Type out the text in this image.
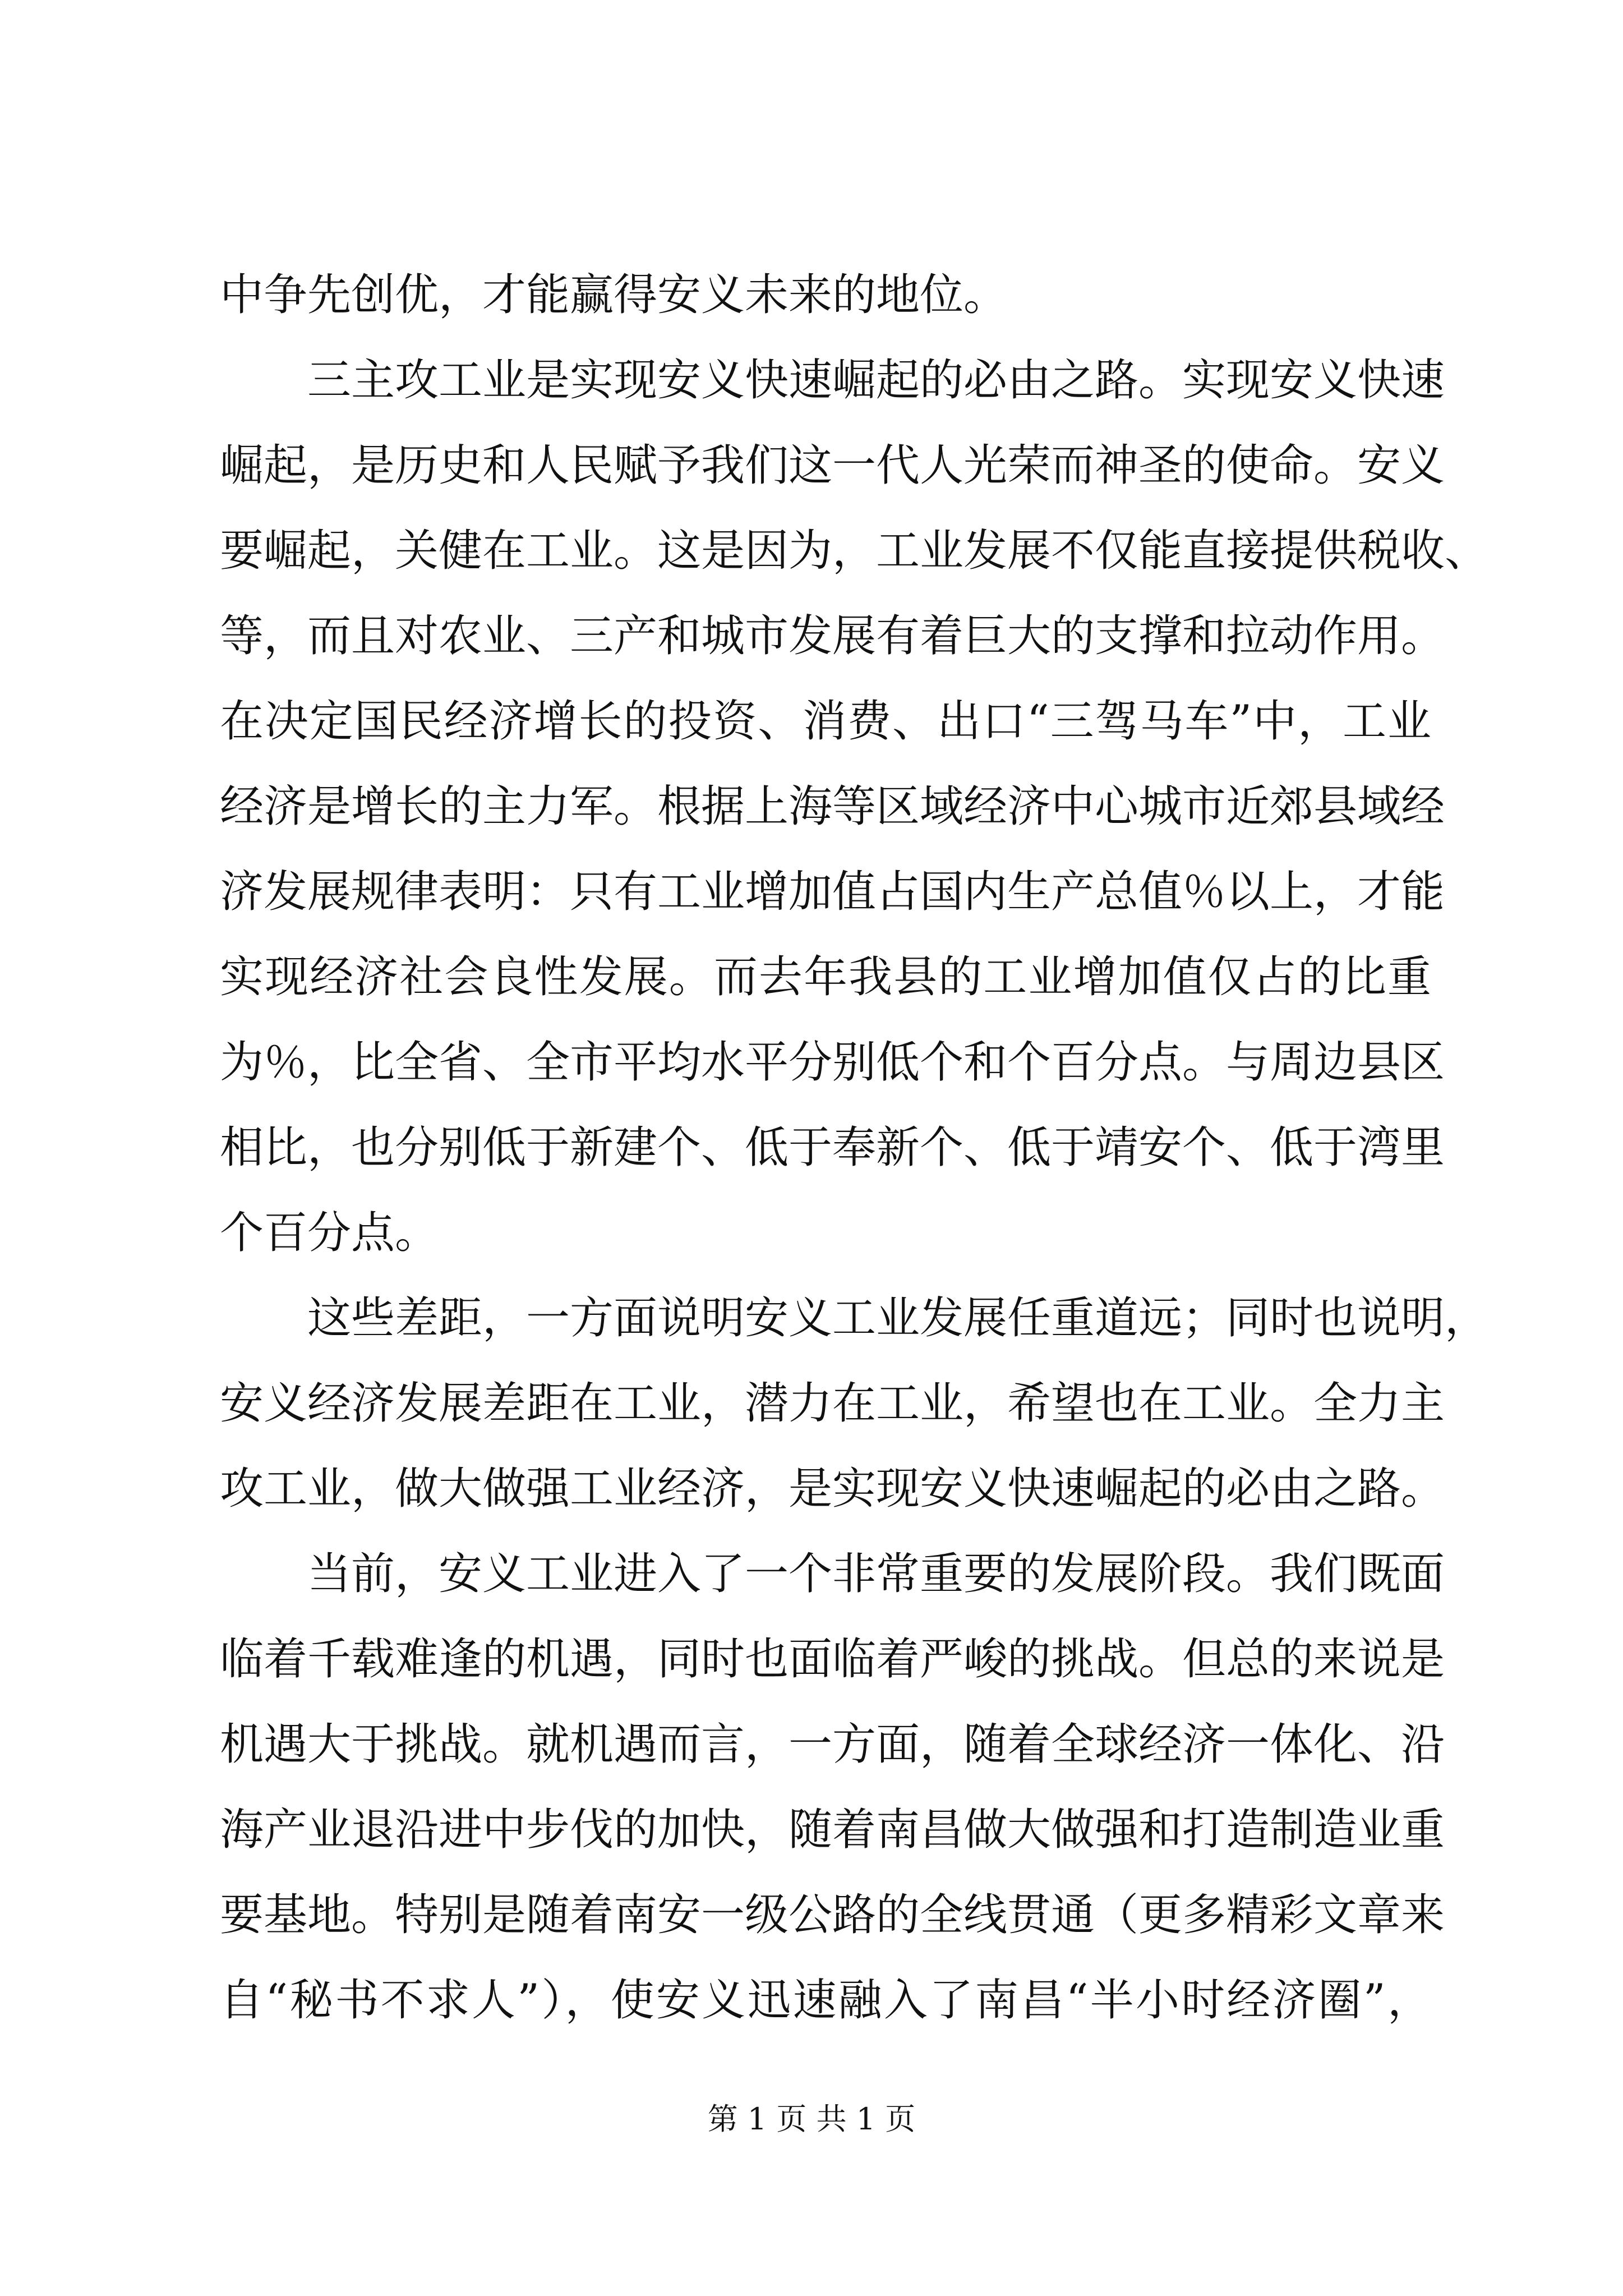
中争先创优，才能赢得安义未来的地位。
三主攻工业是实现安义快速崛起的必由之路。实现安义快速
崛起，是历史和人民赋予我们这一代人光荣而神圣的使命。安义
要崛起，关健在工业。这是因为，工业发展不仅能直接提供税收、
等，而且对农业、三产和城市发展有着巨大的支撑和拉动作用。
在决定国民经济增长的投资、消费、出口“三驾马车”中，工业
经济是增长的主力军。根据上海等区域经济中心城市近郊县域经
济发展规律表明：只有工业增加值占国内生产总值％以上，才能
实现经济社会良性发展。而去年我县的工业增加值仅占的比重
为％，比全省、全市平均水平分别低个和个百分点。与周边县区
相比，也分别低于新建个、低于奉新个、低于靖安个、低于湾里
个百分点。
这些差距，一方面说明安义工业发展任重道远；同时也说明，
安义经济发展差距在工业，潜力在工业，希望也在工业。全力主
攻工业，做大做强工业经济，是实现安义快速崛起的必由之路。
当前，安义工业进入了一个非常重要的发展阶段。我们既面
临着千载难逢的机遇，同时也面临着严峻的挑战。但总的来说是
机遇大于挑战。就机遇而言，一方面，随着全球经济一体化、沿
海产业退沿进中步伐的加快，随着南昌做大做强和打造制造业重
要基地。特别是随着南安一级公路的全线贯通（更多精彩文章来
自“秘书不求人”），使安义迅速融入了南昌“半小时经济圈”，
第 1 页 共 1 页
